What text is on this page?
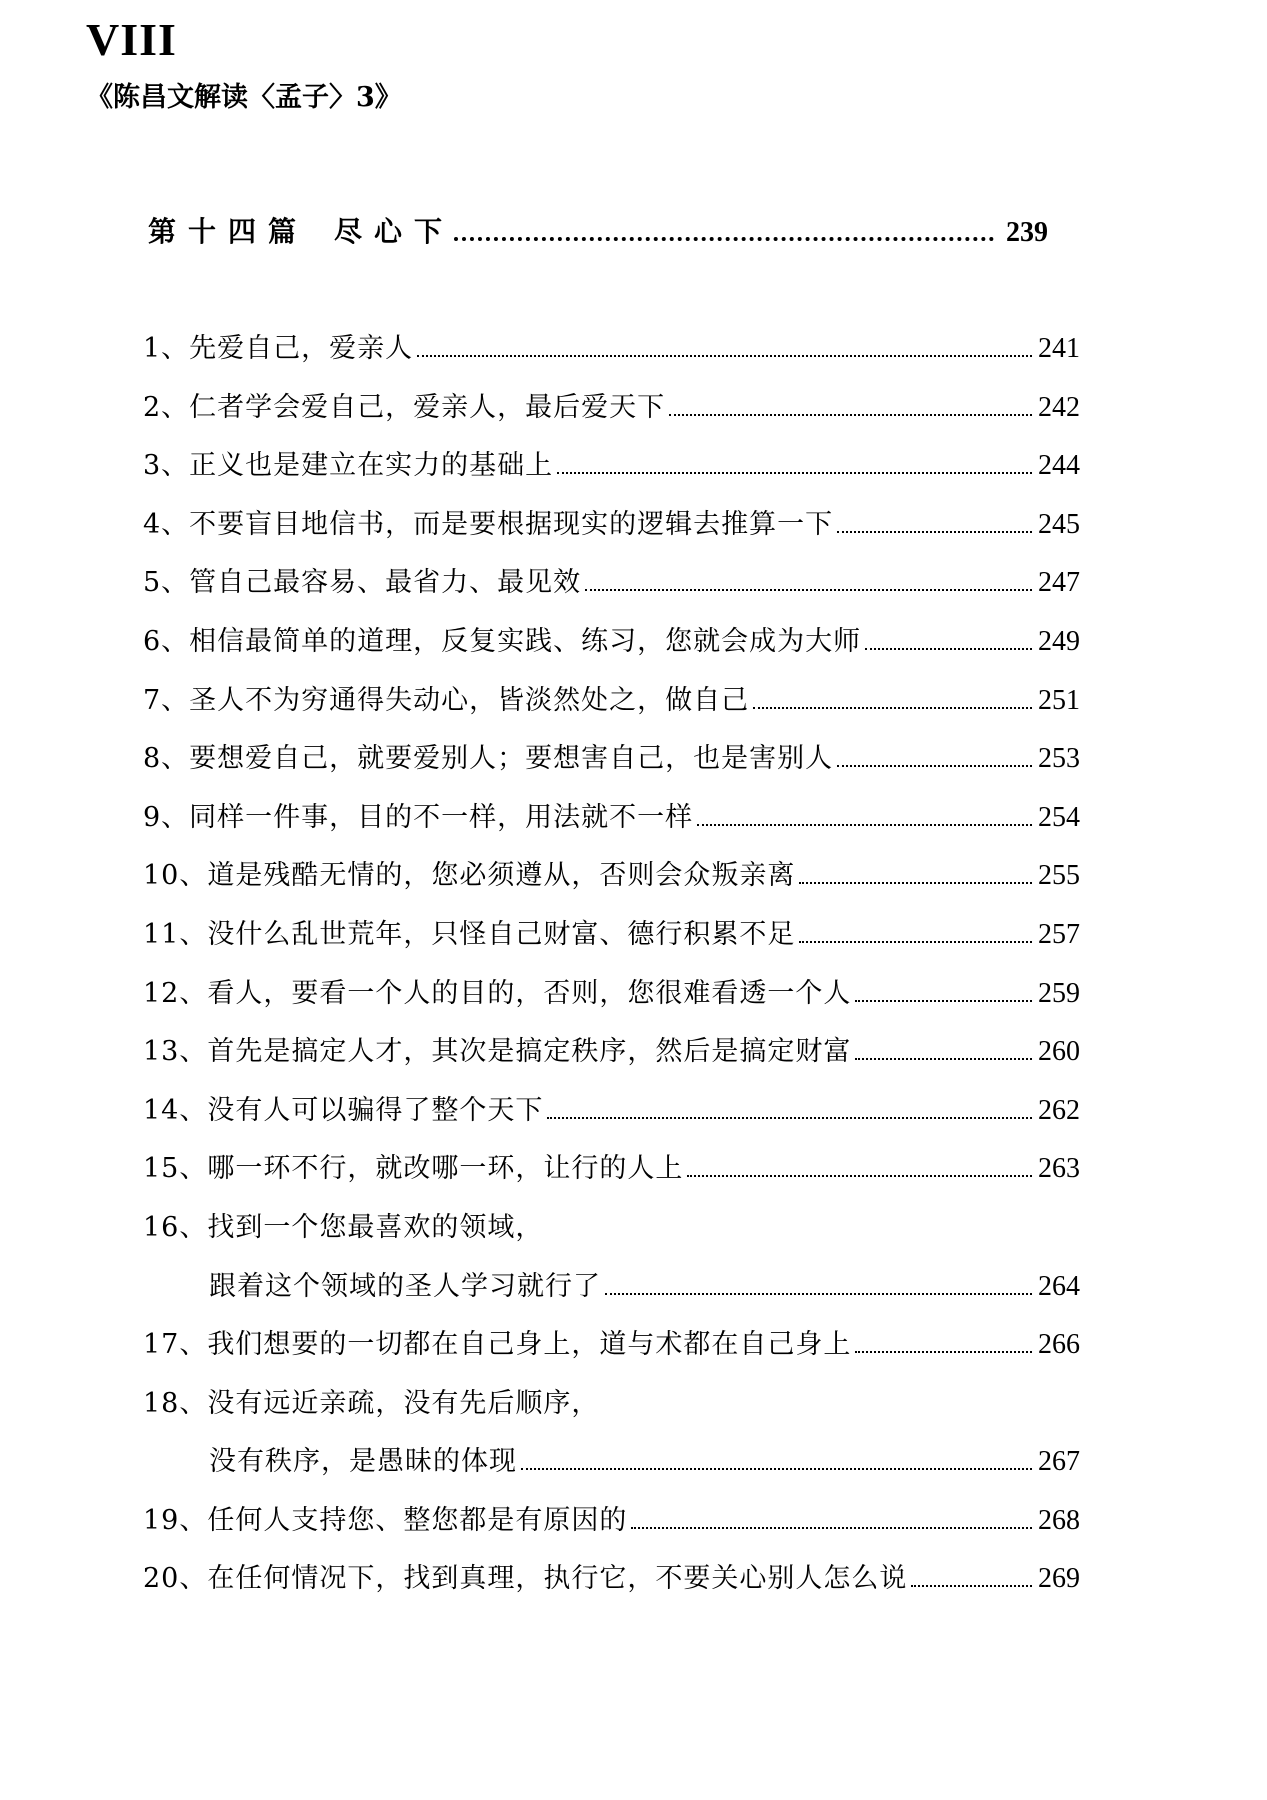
VIII
《陈昌文解读〈孟子〉3》
第十四篇 尽心下	239
1、先爱自己，爱亲人	241
2、仁者学会爱自己，爱亲人，最后爱天下	242
3、正义也是建立在实力的基础上	244
4、不要盲目地信书，而是要根据现实的逻辑去推算一下	245
5、管自己最容易、最省力、最见效	247
6、相信最简单的道理，反复实践、练习，您就会成为大师	249
7、圣人不为穷通得失动心，皆淡然处之，做自己	251
8、要想爱自己，就要爱别人；要想害自己，也是害别人	253
9、同样一件事，目的不一样，用法就不一样	254
10、道是残酷无情的，您必须遵从，否则会众叛亲离	255
11、没什么乱世荒年，只怪自己财富、德行积累不足	257
12、看人，要看一个人的目的，否则，您很难看透一个人	259
13、首先是搞定人才，其次是搞定秩序，然后是搞定财富	260
14、没有人可以骗得了整个天下	262
15、哪一环不行，就改哪一环，让行的人上	263
16、找到一个您最喜欢的领域，
跟着这个领域的圣人学习就行了	264
17、我们想要的一切都在自己身上，道与术都在自己身上	266
18、没有远近亲疏，没有先后顺序，
没有秩序，是愚昧的体现	267
19、任何人支持您、整您都是有原因的	268
20、在任何情况下，找到真理，执行它，不要关心别人怎么说	269
